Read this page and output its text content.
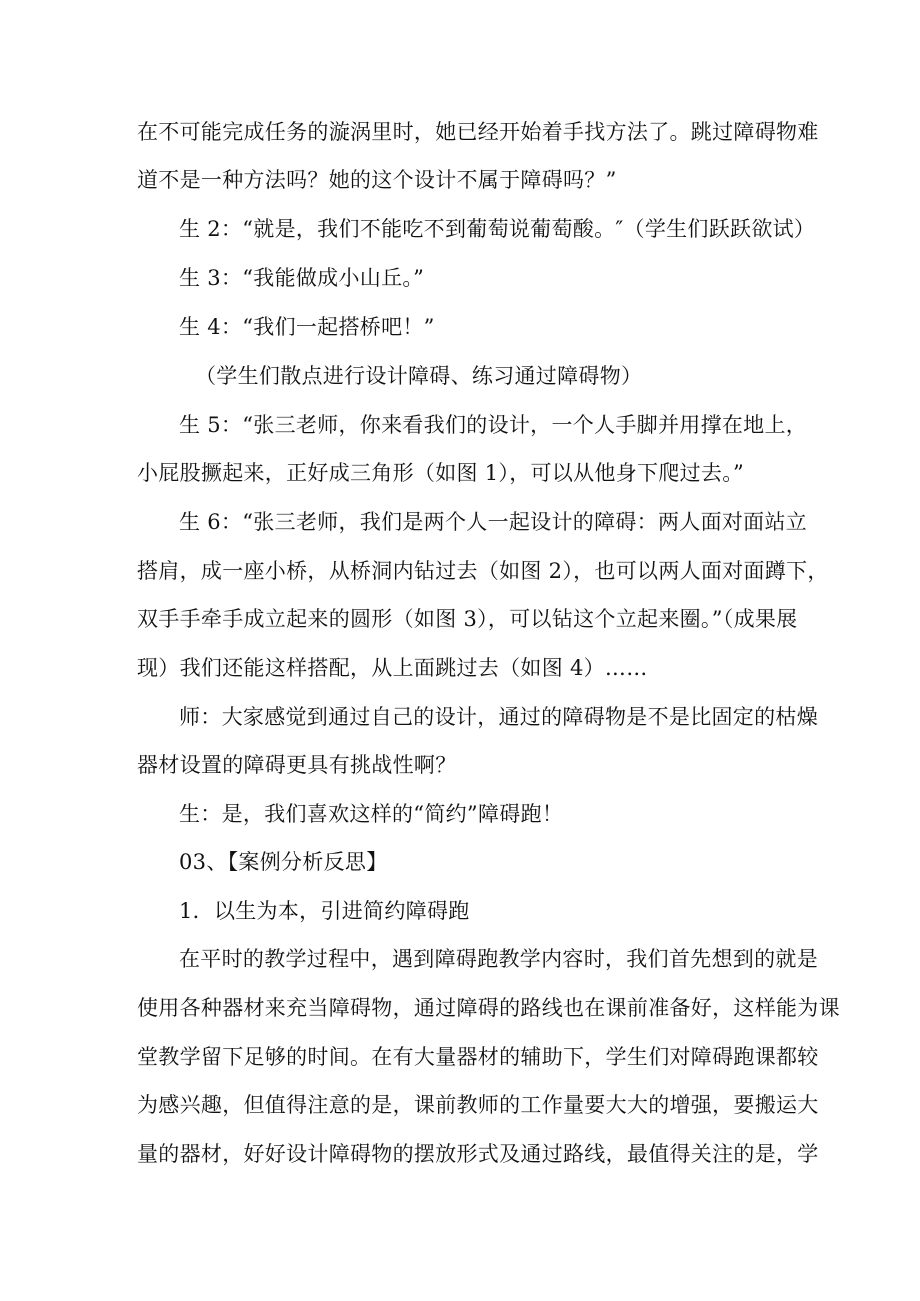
在不可能完成任务的漩涡里时，她已经开始着手找方法了。跳过障碍物难
道不是一种方法吗？她的这个设计不属于障碍吗？”
生 2：“就是，我们不能吃不到葡萄说葡萄酸。″（学生们跃跃欲试）
生 3：“我能做成小山丘。”
生 4：“我们一起搭桥吧！”
（学生们散点进行设计障碍、练习通过障碍物）
生 5：“张三老师，你来看我们的设计，一个人手脚并用撑在地上，
小屁股撅起来，正好成三角形（如图 1），可以从他身下爬过去。”
生 6：“张三老师，我们是两个人一起设计的障碍：两人面对面站立
搭肩，成一座小桥，从桥洞内钻过去（如图 2），也可以两人面对面蹲下，
双手手牵手成立起来的圆形（如图 3），可以钻这个立起来圈。”（成果展
现）我们还能这样搭配，从上面跳过去（如图 4）……
师：大家感觉到通过自己的设计，通过的障碍物是不是比固定的枯燥
器材设置的障碍更具有挑战性啊？
生：是，我们喜欢这样的“简约”障碍跑！
03、【案例分析反思】
1．以生为本，引进简约障碍跑
在平时的教学过程中，遇到障碍跑教学内容时，我们首先想到的就是
使用各种器材来充当障碍物，通过障碍的路线也在课前准备好，这样能为课
堂教学留下足够的时间。在有大量器材的辅助下，学生们对障碍跑课都较
为感兴趣，但值得注意的是，课前教师的工作量要大大的增强，要搬运大
量的器材，好好设计障碍物的摆放形式及通过路线，最值得关注的是，学
